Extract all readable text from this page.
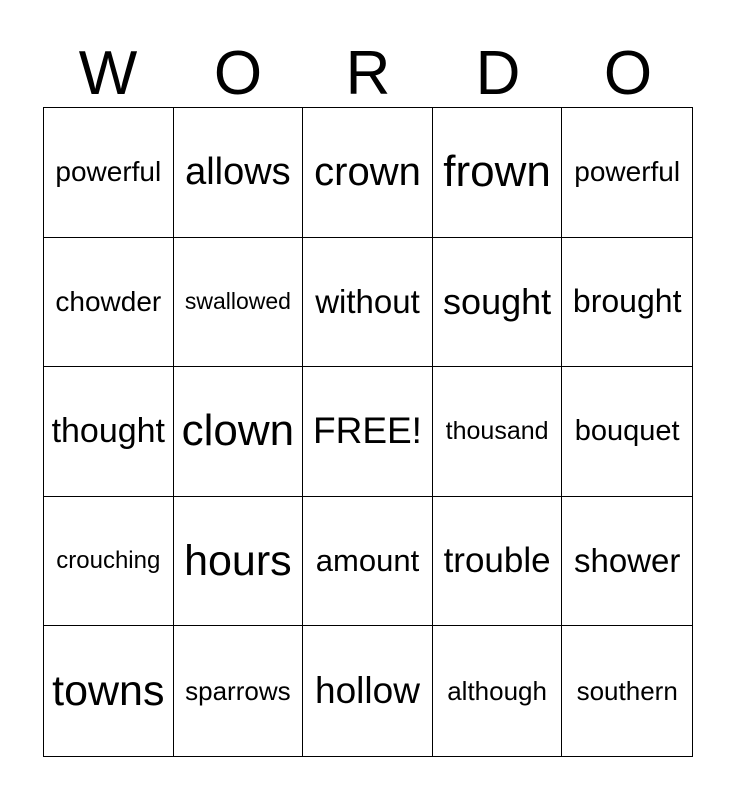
W	O	R	D	O
powerful allows crown frown powerful
chowder	swallowed without sought brought
thought clown FREE! thousand bouquet
crouching hours amount trouble shower
towns sparrows hollow	although	southern
